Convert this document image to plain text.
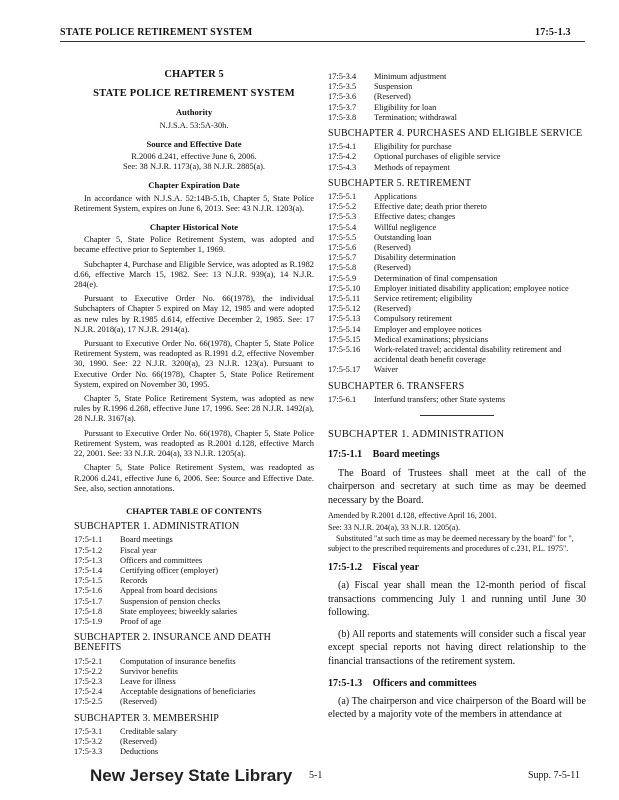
STATE POLICE RETIREMENT SYSTEM	17:5-1.3

CHAPTER 5

STATE POLICE RETIREMENT SYSTEM

Authority

N.J.S.A. 53:5A-30h.

Source and Effective Date

R.2006 d.241, effective June 6, 2006.

See: 38 N.J.R. 1173(a), 38 N.J.R. 2885(a).

Chapter Expiration Date

In accordance with N.J.S.A. 52:14B-5.1b, Chapter 5, State Police Retirement System, expires on June 6, 2013. See: 43 N.J.R. 1203(a).

Chapter Historical Note

Chapter 5, State Police Retirement System, was adopted and became effective prior to September 1, 1969.

Subchapter 4, Purchase and Eligible Service, was adopted as R.1982 d.66, effective March 15, 1982. See: 13 N.J.R. 939(a), 14 N.J.R. 284(e).

Pursuant to Executive Order No. 66(1978), the individual Subchapters of Chapter 5 expired on May 12, 1985 and were adopted as new rules by R.1985 d.614, effective December 2, 1985. See: 17 N.J.R. 2018(a), 17 N.J.R. 2914(a).

Pursuant to Executive Order No. 66(1978), Chapter 5, State Police Retirement System, was readopted as R.1991 d.2, effective November 30, 1990. See: 22 N.J.R. 3200(a), 23 N.J.R. 123(a). Pursuant to Executive Order No. 66(1978), Chapter 5, State Police Retirement System, expired on November 30, 1995.

Chapter 5, State Police Retirement System, was adopted as new rules by R.1996 d.268, effective June 17, 1996. See: 28 N.J.R. 1492(a), 28 N.J.R. 3167(a).

Pursuant to Executive Order No. 66(1978), Chapter 5, State Police Retirement System, was readopted as R.2001 d.128, effective March 22, 2001. See: 33 N.J.R. 204(a), 33 N.J.R. 1205(a).

Chapter 5, State Police Retirement System, was readopted as R.2006 d.241, effective June 6, 2006. See: Source and Effective Date. See, also, section annotations.

CHAPTER TABLE OF CONTENTS
SUBCHAPTER 1. ADMINISTRATION
17:5-1.1	Board meetings
17:5-1.2	Fiscal year
17:5-1.3	Officers and committees
17:5-1.4	Certifying officer (employer)
17:5-1.5	Records
17:5-1.6	Appeal from board decisions
17:5-1.7	Suspension of pension checks
17:5-1.8	State employees; biweekly salaries
17:5-1.9	Proof of age
SUBCHAPTER 2. INSURANCE AND DEATH BENEFITS
17:5-2.1	Computation of insurance benefits
17:5-2.2	Survivor benefits
17:5-2.3	Leave for illness
17:5-2.4	Acceptable designations of beneficiaries
17:5-2.5	(Reserved)
SUBCHAPTER 3. MEMBERSHIP
17:5-3.1	Creditable salary
17:5-3.2	(Reserved)
17:5-3.3	Deductions
17:5-3.4	Minimum adjustment
17:5-3.5	Suspension
17:5-3.6	(Reserved)
17:5-3.7	Eligibility for loan
17:5-3.8	Termination; withdrawal
SUBCHAPTER 4. PURCHASES AND ELIGIBLE SERVICE
17:5-4.1	Eligibility for purchase
17:5-4.2	Optional purchases of eligible service
17:5-4.3	Methods of repayment
SUBCHAPTER 5. RETIREMENT
17:5-5.1	Applications
17:5-5.2	Effective date; death prior thereto
17:5-5.3	Effective dates; changes
17:5-5.4	Willful negligence
17:5-5.5	Outstanding loan
17:5-5.6	(Reserved)
17:5-5.7	Disability determination
17:5-5.8	(Reserved)
17:5-5.9	Determination of final compensation
17:5-5.10	Employer initiated disability application; employee notice
17:5-5.11	Service retirement; eligibility
17:5-5.12	(Reserved)
17:5-5.13	Compulsory retirement
17:5-5.14	Employer and employee notices
17:5-5.15	Medical examinations; physicians
17:5-5.16	Work-related travel; accidental disability retirement and accidental death benefit coverage
17:5-5.17	Waiver
SUBCHAPTER 6. TRANSFERS
17:5-6.1	Interfund transfers; other State systems
SUBCHAPTER 1. ADMINISTRATION
17:5-1.1 Board meetings

The Board of Trustees shall meet at the call of the chairperson and secretary at such time as may be deemed necessary by the Board.

Amended by R.2001 d.128, effective April 16, 2001.

See: 33 N.J.R. 204(a), 33 N.J.R. 1205(a).

Substituted "at such time as may be deemed necessary by the board" for ", subject to the prescribed requirements and procedures of c.231, P.L. 1975".

17:5-1.2 Fiscal year

(a) Fiscal year shall mean the 12-month period of fiscal transactions commencing July 1 and running until June 30 following.

(b) All reports and statements will consider such a fiscal year except special reports not having direct relationship to the financial transactions of the retirement system.

17:5-1.3 Officers and committees

(a) The chairperson and vice chairperson of the Board will be elected by a majority vote of the members in attendance at

New Jersey State Library 5-1	Supp. 7-5-11
